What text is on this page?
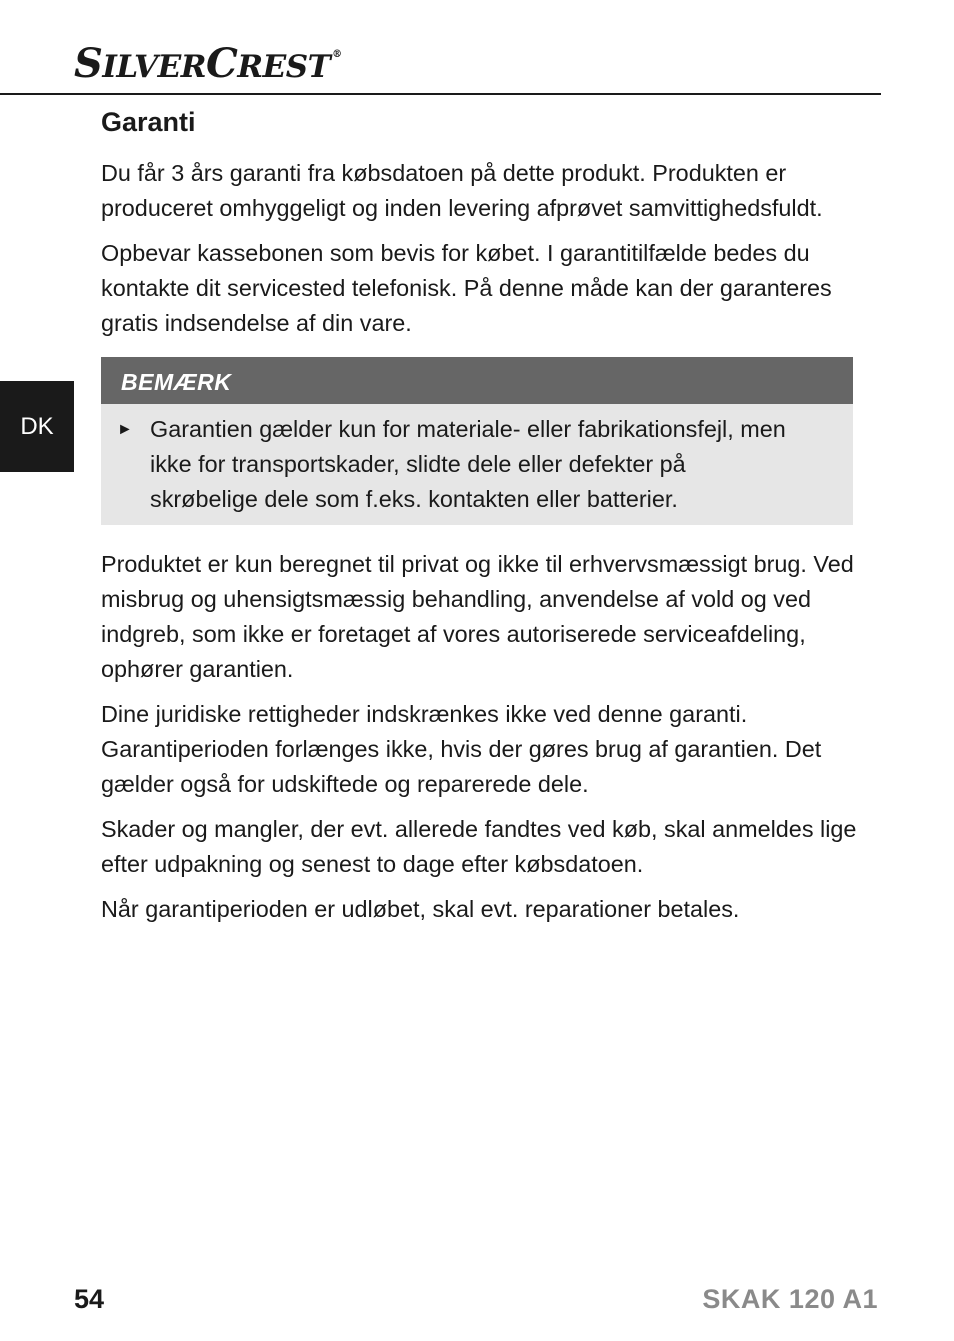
SILVERCREST ®
DK
Garanti

Du får 3 års garanti fra købsdatoen på dette produkt. Produkten er produceret omhyggeligt og inden levering afprøvet samvittighedsfuldt.

Opbevar kassebonen som bevis for købet. I garantitilfælde bedes du kontakte dit servicested telefonisk. På denne måde kan der garanteres gratis indsendelse af din vare.

BEMÆRK
► Garantien gælder kun for materiale- eller fabrikationsfejl, men ikke for transportskader, slidte dele eller defekter på skrøbelige dele som f.eks. kontakten eller batterier.

Produktet er kun beregnet til privat og ikke til erhvervsmæssigt brug. Ved misbrug og uhensigtsmæssig behandling, anvendelse af vold og ved indgreb, som ikke er foretaget af vores autoriserede serviceafdeling, ophører garantien.

Dine juridiske rettigheder indskrænkes ikke ved denne garanti. Garantiperioden forlænges ikke, hvis der gøres brug af garantien. Det gælder også for udskiftede og reparerede dele.

Skader og mangler, der evt. allerede fandtes ved køb, skal anmeldes lige efter udpakning og senest to dage efter købsdatoen.

Når garantiperioden er udløbet, skal evt. reparationer betales.

54	SKAK 120 A1
